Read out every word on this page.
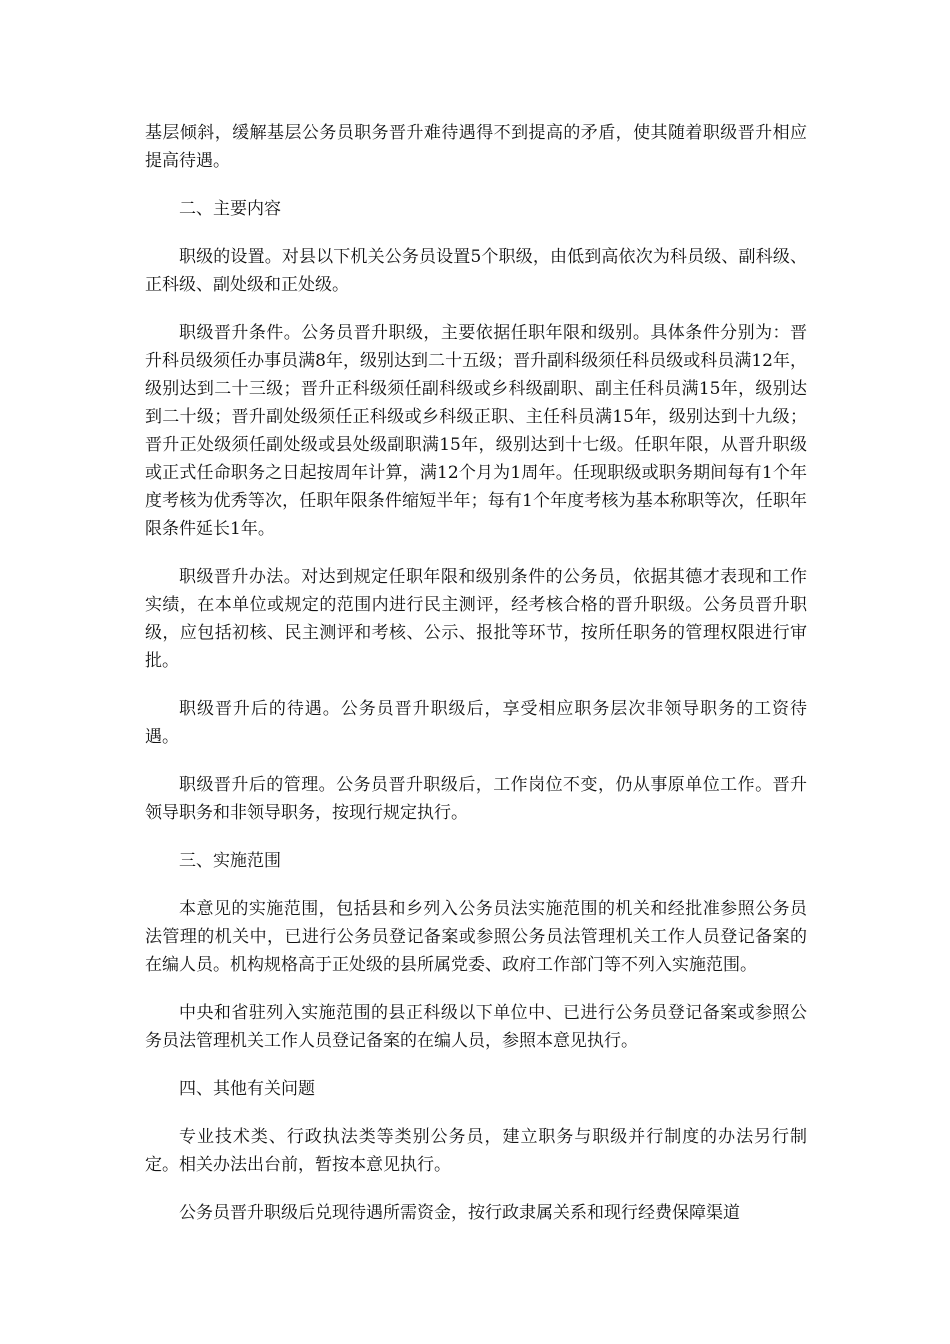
基层倾斜，缓解基层公务员职务晋升难待遇得不到提高的矛盾，使其随着职级晋升相应提高待遇。

二、主要内容

职级的设置。对县以下机关公务员设置5个职级，由低到高依次为科员级、副科级、正科级、副处级和正处级。

职级晋升条件。公务员晋升职级，主要依据任职年限和级别。具体条件分别为：晋升科员级须任办事员满8年，级别达到二十五级；晋升副科级须任科员级或科员满12年，级别达到二十三级；晋升正科级须任副科级或乡科级副职、副主任科员满15年，级别达到二十级；晋升副处级须任正科级或乡科级正职、主任科员满15年，级别达到十九级；晋升正处级须任副处级或县处级副职满15年，级别达到十七级。任职年限，从晋升职级或正式任命职务之日起按周年计算，满12个月为1周年。任现职级或职务期间每有1个年度考核为优秀等次，任职年限条件缩短半年；每有1个年度考核为基本称职等次，任职年限条件延长1年。

职级晋升办法。对达到规定任职年限和级别条件的公务员，依据其德才表现和工作实绩，在本单位或规定的范围内进行民主测评，经考核合格的晋升职级。公务员晋升职级，应包括初核、民主测评和考核、公示、报批等环节，按所任职务的管理权限进行审批。

职级晋升后的待遇。公务员晋升职级后，享受相应职务层次非领导职务的工资待遇。

职级晋升后的管理。公务员晋升职级后，工作岗位不变，仍从事原单位工作。晋升领导职务和非领导职务，按现行规定执行。

三、实施范围

本意见的实施范围，包括县和乡列入公务员法实施范围的机关和经批准参照公务员法管理的机关中，已进行公务员登记备案或参照公务员法管理机关工作人员登记备案的在编人员。机构规格高于正处级的县所属党委、政府工作部门等不列入实施范围。

中央和省驻列入实施范围的县正科级以下单位中、已进行公务员登记备案或参照公务员法管理机关工作人员登记备案的在编人员，参照本意见执行。

四、其他有关问题

专业技术类、行政执法类等类别公务员，建立职务与职级并行制度的办法另行制定。相关办法出台前，暂按本意见执行。

公务员晋升职级后兑现待遇所需资金，按行政隶属关系和现行经费保障渠道
